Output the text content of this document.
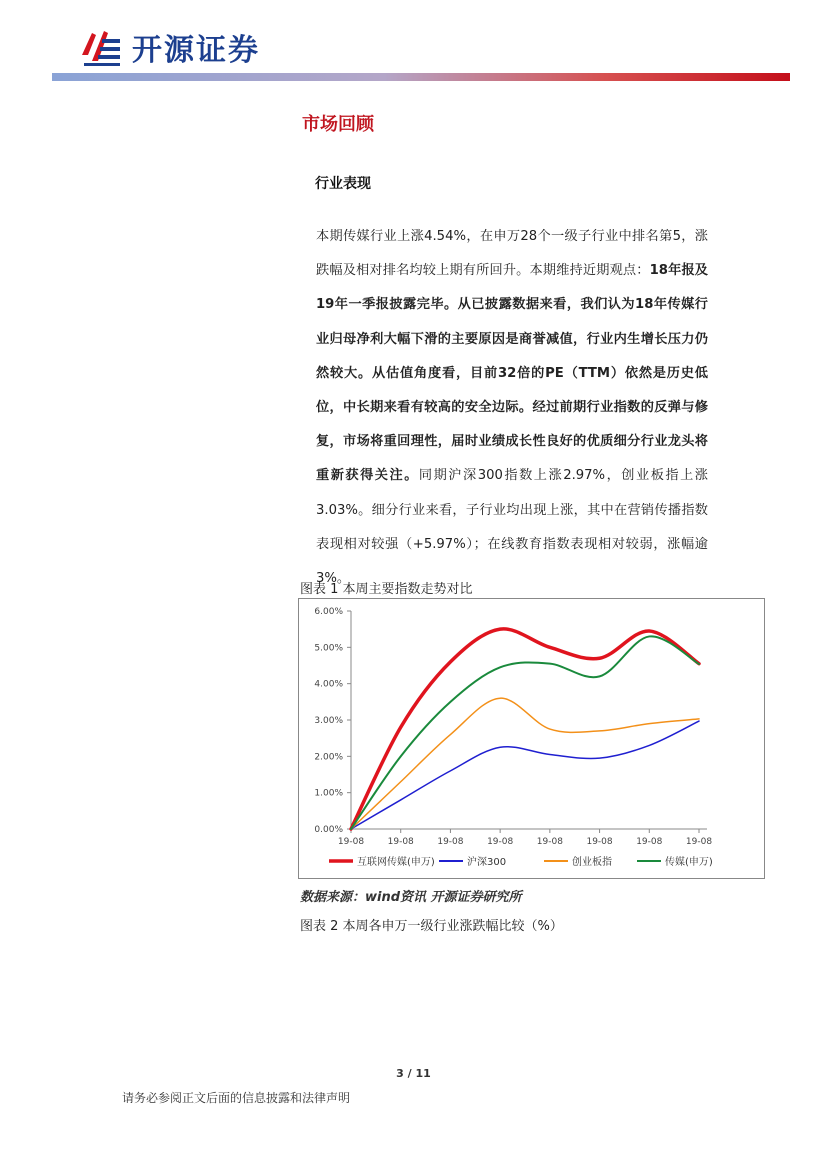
开源证券
市场回顾
行业表现
本期传媒行业上涨4.54%，在申万28个一级子行业中排名第5，涨跌幅及相对排名均较上期有所回升。本期维持近期观点：18年报及19年一季报披露完毕。从已披露数据来看，我们认为18年传媒行业归母净利大幅下滑的主要原因是商誉减值，行业内生增长压力仍然较大。从估值角度看，目前32倍的PE（TTM）依然是历史低位，中长期来看有较高的安全边际。经过前期行业指数的反弹与修复，市场将重回理性，届时业绩成长性良好的优质细分行业龙头将重新获得关注。同期沪深300指数上涨2.97%，创业板指上涨3.03%。细分行业来看，子行业均出现上涨，其中在营销传播指数表现相对较强（+5.97%）；在线教育指数表现相对较弱，涨幅逾3%。
图表 1 本周主要指数走势对比
0.00%
1.00%
2.00%
3.00%
4.00%
5.00%
6.00%
19-08	19-08	19-08	19-08	19-08	19-08	19-08	19-08
互联网传媒(申万)	沪深300	创业板指	传媒(申万)
数据来源：wind资讯 开源证券研究所
图表 2 本周各申万一级行业涨跌幅比较（%）
3 / 11
请务必参阅正文后面的信息披露和法律声明
